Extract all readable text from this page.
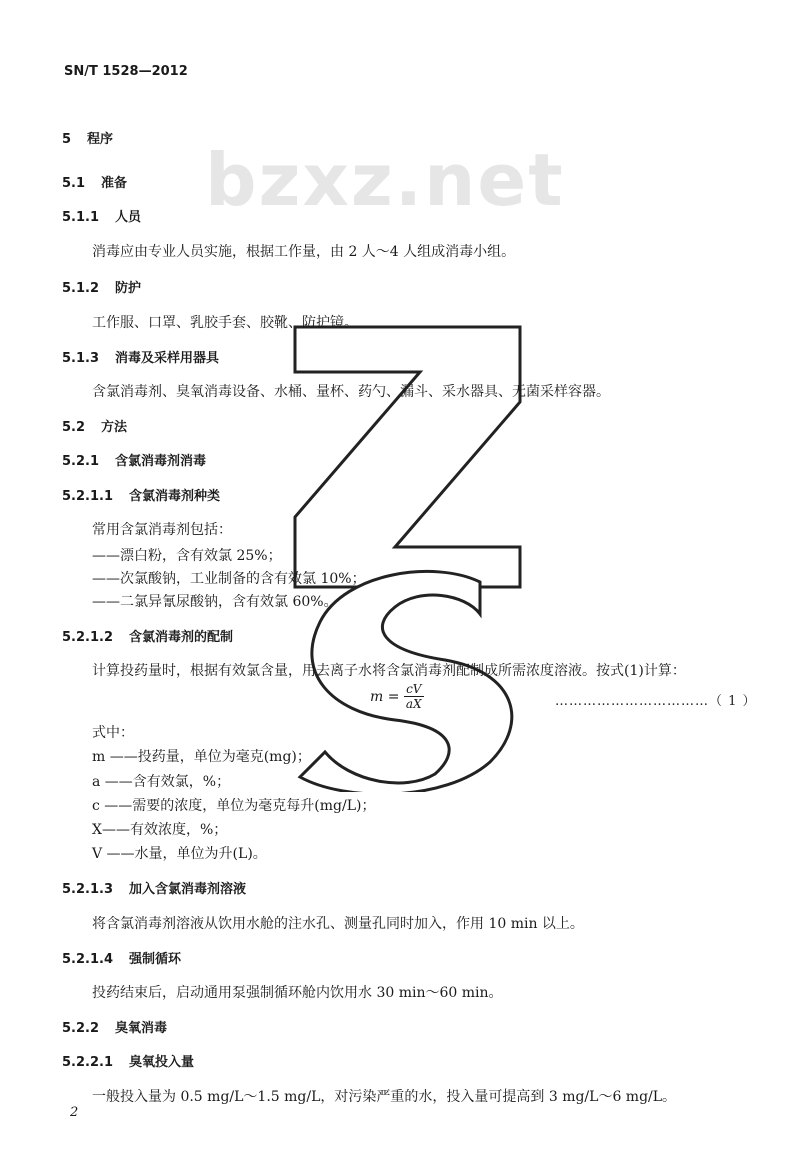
bzxz.net
SN/T 1528—2012
5 程序
5.1 准备
5.1.1 人员
消毒应由专业人员实施，根据工作量，由 2 人～4 人组成消毒小组。
5.1.2 防护
工作服、口罩、乳胶手套、胶靴、防护镜。
5.1.3 消毒及采样用器具
含氯消毒剂、臭氧消毒设备、水桶、量杯、药勺、漏斗、采水器具、无菌采样容器。
5.2 方法
5.2.1 含氯消毒剂消毒
5.2.1.1 含氯消毒剂种类
常用含氯消毒剂包括：
——漂白粉，含有效氯 25%；
——次氯酸钠，工业制备的含有效氯 10%；
——二氯异氰尿酸钠，含有效氯 60%。
5.2.1.2 含氯消毒剂的配制
计算投药量时，根据有效氯含量，用去离子水将含氯消毒剂配制成所需浓度溶液。按式(1)计算：
$m = \frac{cV}{aX}$	……………………………（ 1 ）
式中：
m ——投药量，单位为毫克(mg)；
a ——含有效氯，%；
c ——需要的浓度，单位为毫克每升(mg/L)；
X——有效浓度，%；
V ——水量，单位为升(L)。
5.2.1.3 加入含氯消毒剂溶液
将含氯消毒剂溶液从饮用水舱的注水孔、测量孔同时加入，作用 10 min 以上。
5.2.1.4 强制循环
投药结束后，启动通用泵强制循环舱内饮用水 30 min～60 min。
5.2.2 臭氧消毒
5.2.2.1 臭氧投入量
一般投入量为 0.5 mg/L～1.5 mg/L，对污染严重的水，投入量可提高到 3 mg/L～6 mg/L。
2
